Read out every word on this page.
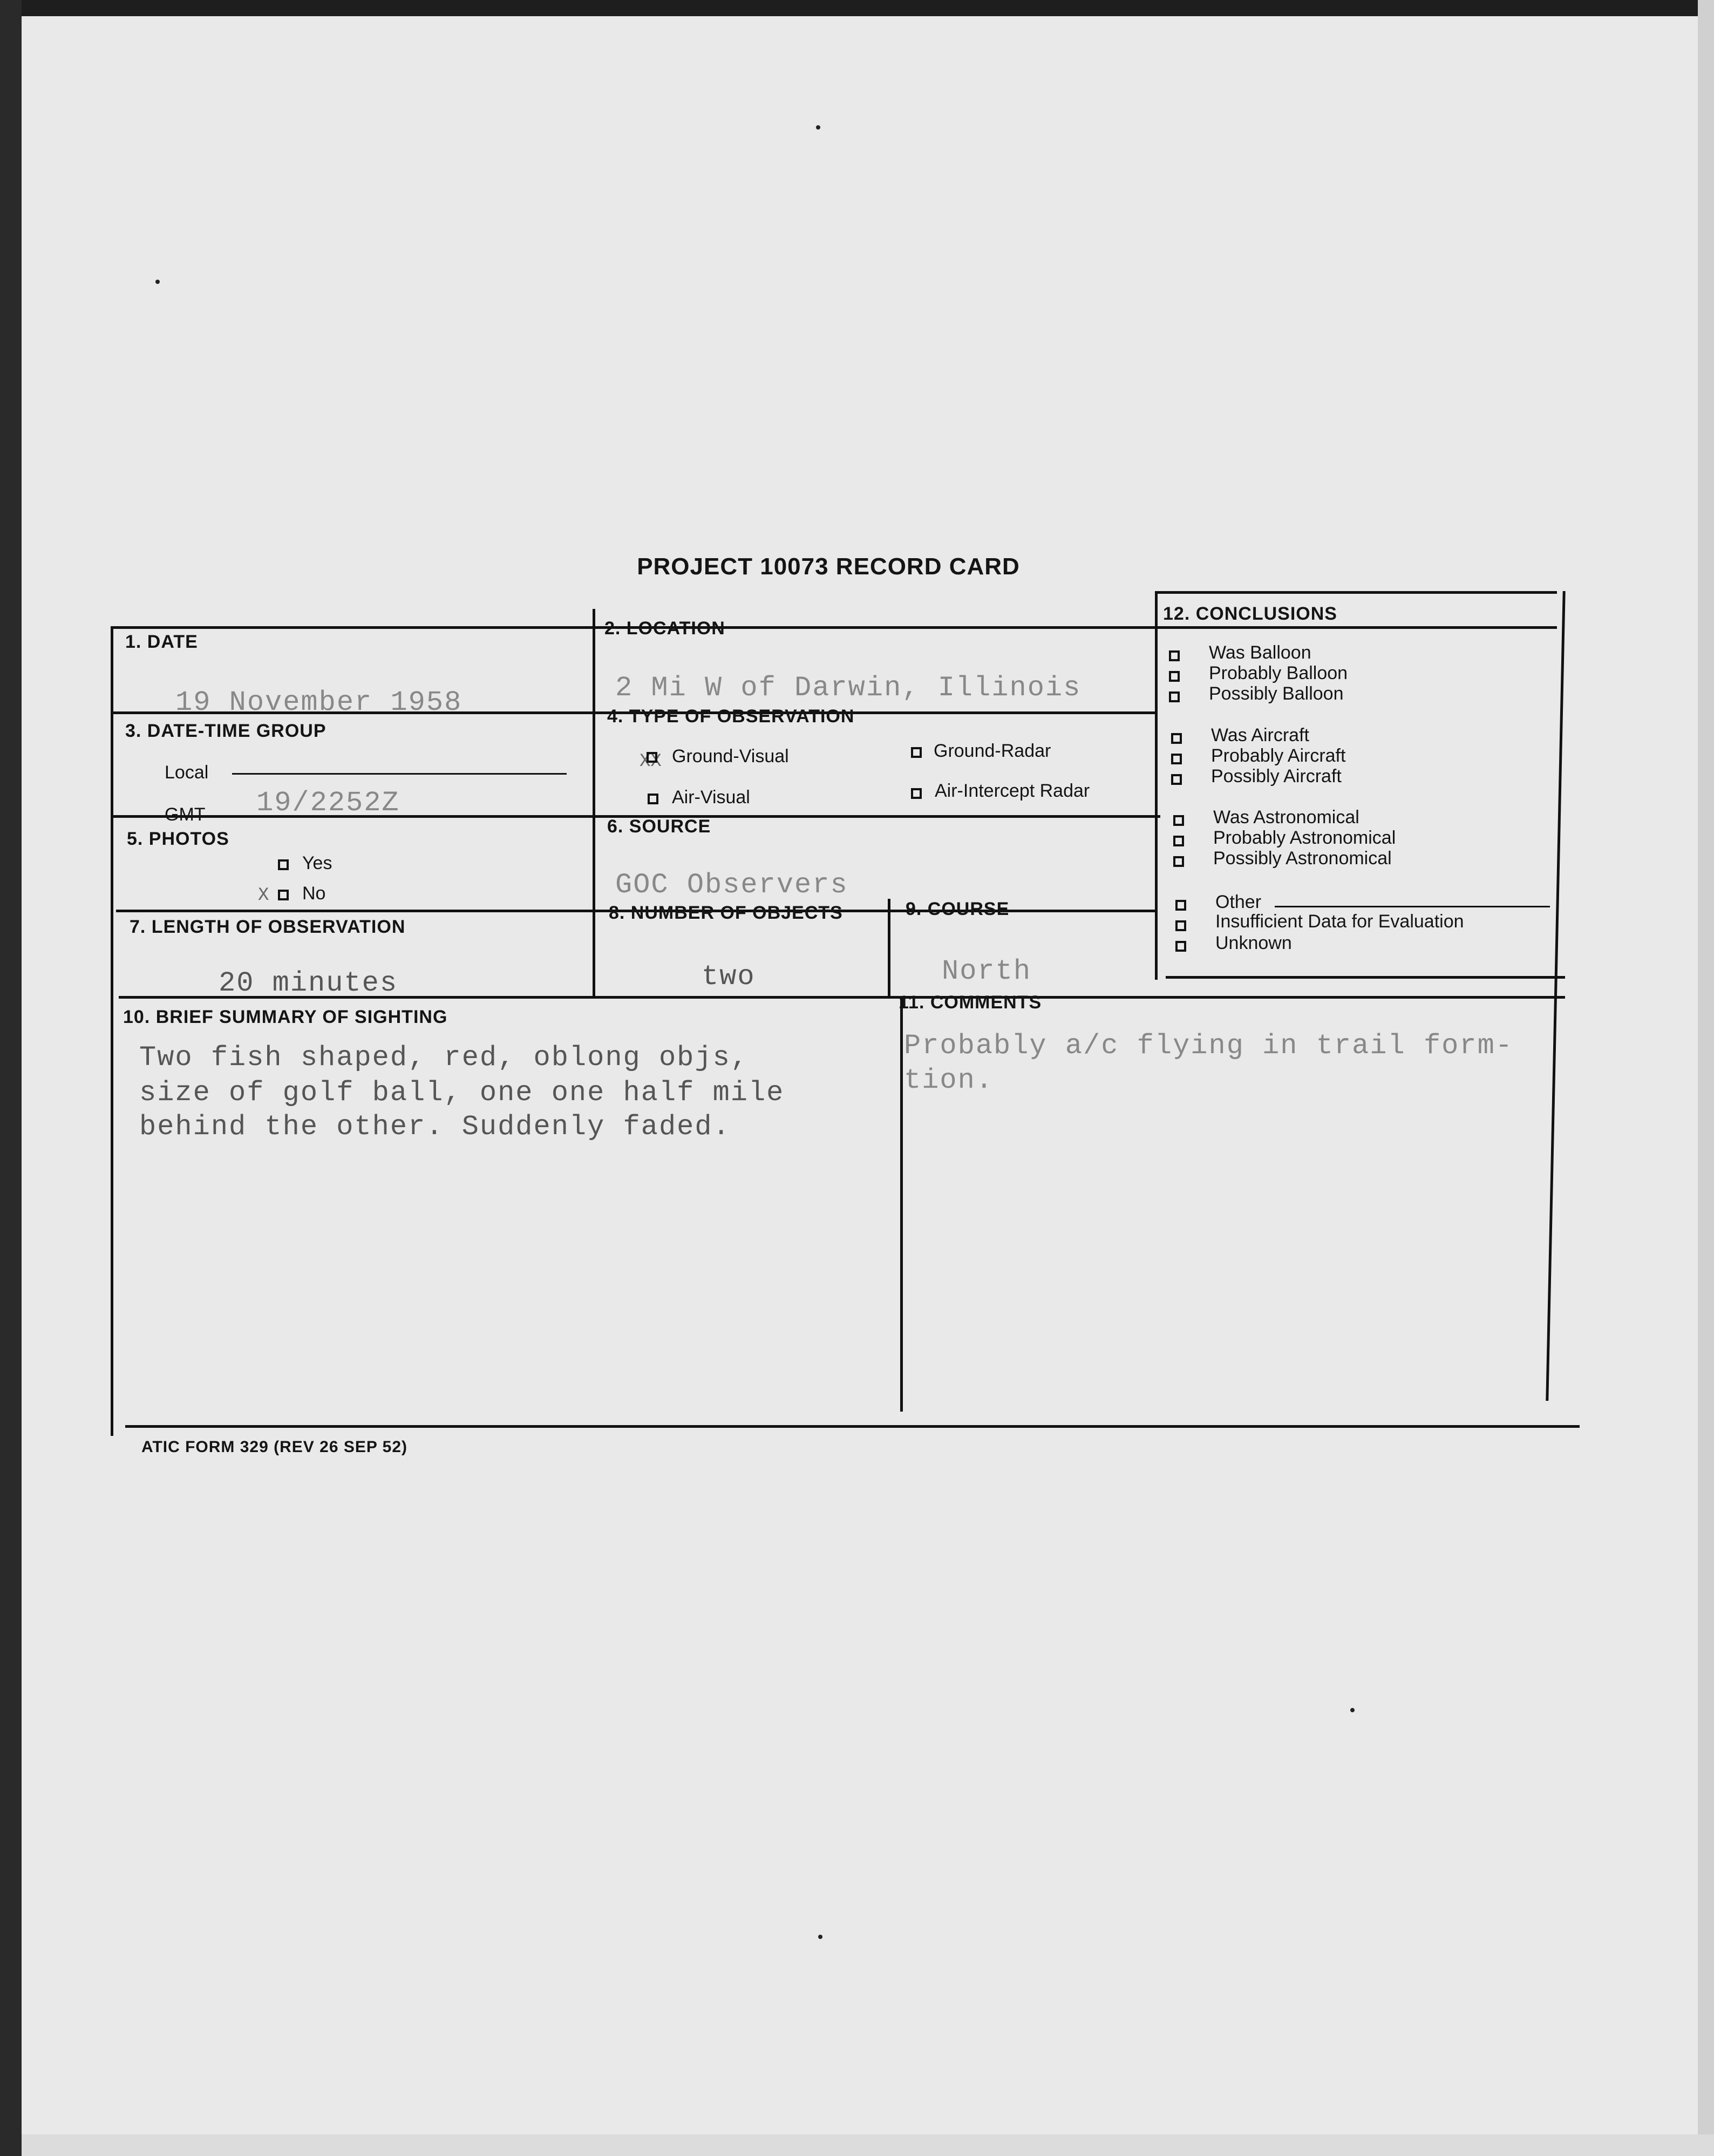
PROJECT 10073 RECORD CARD
1. DATE
19 November 1958
2. LOCATION
2 Mi W of Darwin, Illinois
3. DATE-TIME GROUP
Local
GMT 19/2252Z
4. TYPE OF OBSERVATION
XX Ground-Visual	Ground-Radar
Air-Visual	Air-Intercept Radar
5. PHOTOS
Yes
X No
6. SOURCE
GOC Observers
7. LENGTH OF OBSERVATION
20 minutes
8. NUMBER OF OBJECTS
two
9. COURSE
North
10. BRIEF SUMMARY OF SIGHTING
Two fish shaped, red, oblong objs,
size of golf ball, one one half mile
behind the other. Suddenly faded.
11. COMMENTS
Probably a/c flying in trail form-
tion.
12. CONCLUSIONS
Was Balloon
Probably Balloon
Possibly Balloon
Was Aircraft
Probably Aircraft
Possibly Aircraft
Was Astronomical
Probably Astronomical
Possibly Astronomical
Other
Insufficient Data for Evaluation
Unknown
ATIC FORM 329 (REV 26 SEP 52)
